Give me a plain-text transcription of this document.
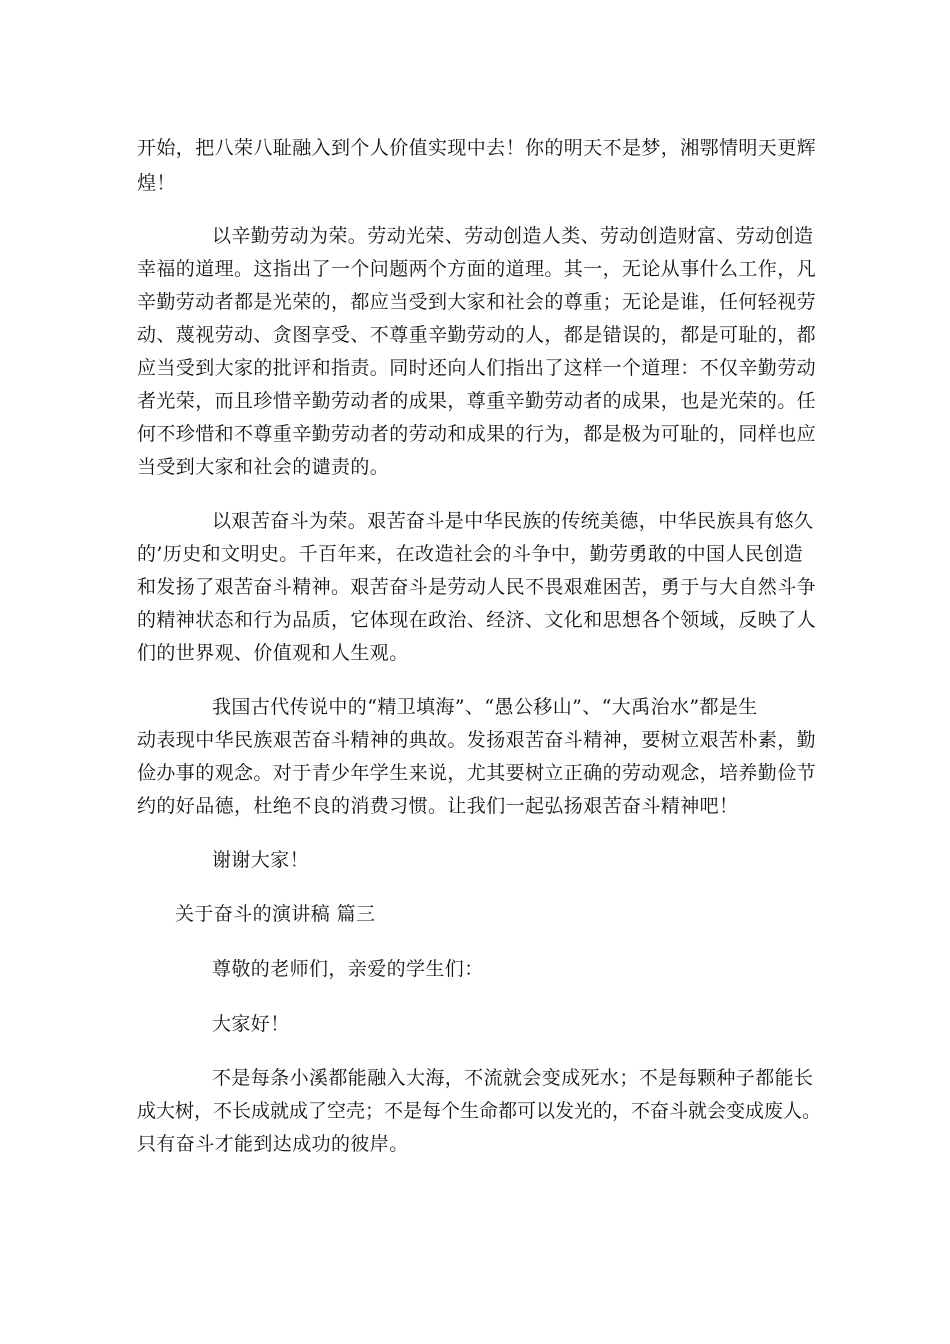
开始，把八荣八耻融入到个人价值实现中去！你的明天不是梦，湘鄂情明天更辉

煌！

以辛勤劳动为荣。劳动光荣、劳动创造人类、劳动创造财富、劳动创造

幸福的道理。这指出了一个问题两个方面的道理。其一，无论从事什么工作，凡

辛勤劳动者都是光荣的，都应当受到大家和社会的尊重；无论是谁，任何轻视劳

动、蔑视劳动、贪图享受、不尊重辛勤劳动的人，都是错误的，都是可耻的，都

应当受到大家的批评和指责。同时还向人们指出了这样一个道理：不仅辛勤劳动

者光荣，而且珍惜辛勤劳动者的成果，尊重辛勤劳动者的成果，也是光荣的。任

何不珍惜和不尊重辛勤劳动者的劳动和成果的行为，都是极为可耻的，同样也应

当受到大家和社会的谴责的。

以艰苦奋斗为荣。艰苦奋斗是中华民族的传统美德，中华民族具有悠久

的’历史和文明史。千百年来，在改造社会的斗争中，勤劳勇敢的中国人民创造

和发扬了艰苦奋斗精神。艰苦奋斗是劳动人民不畏艰难困苦，勇于与大自然斗争

的精神状态和行为品质，它体现在政治、经济、文化和思想各个领域，反映了人

们的世界观、价值观和人生观。

我国古代传说中的“精卫填海”、“愚公移山”、“大禹治水”都是生

动表现中华民族艰苦奋斗精神的典故。发扬艰苦奋斗精神，要树立艰苦朴素，勤

俭办事的观念。对于青少年学生来说，尤其要树立正确的劳动观念，培养勤俭节

约的好品德，杜绝不良的消费习惯。让我们一起弘扬艰苦奋斗精神吧！

谢谢大家！

关于奋斗的演讲稿 篇三

尊敬的老师们，亲爱的学生们：

大家好！

不是每条小溪都能融入大海，不流就会变成死水；不是每颗种子都能长

成大树，不长成就成了空壳；不是每个生命都可以发光的，不奋斗就会变成废人。

只有奋斗才能到达成功的彼岸。
